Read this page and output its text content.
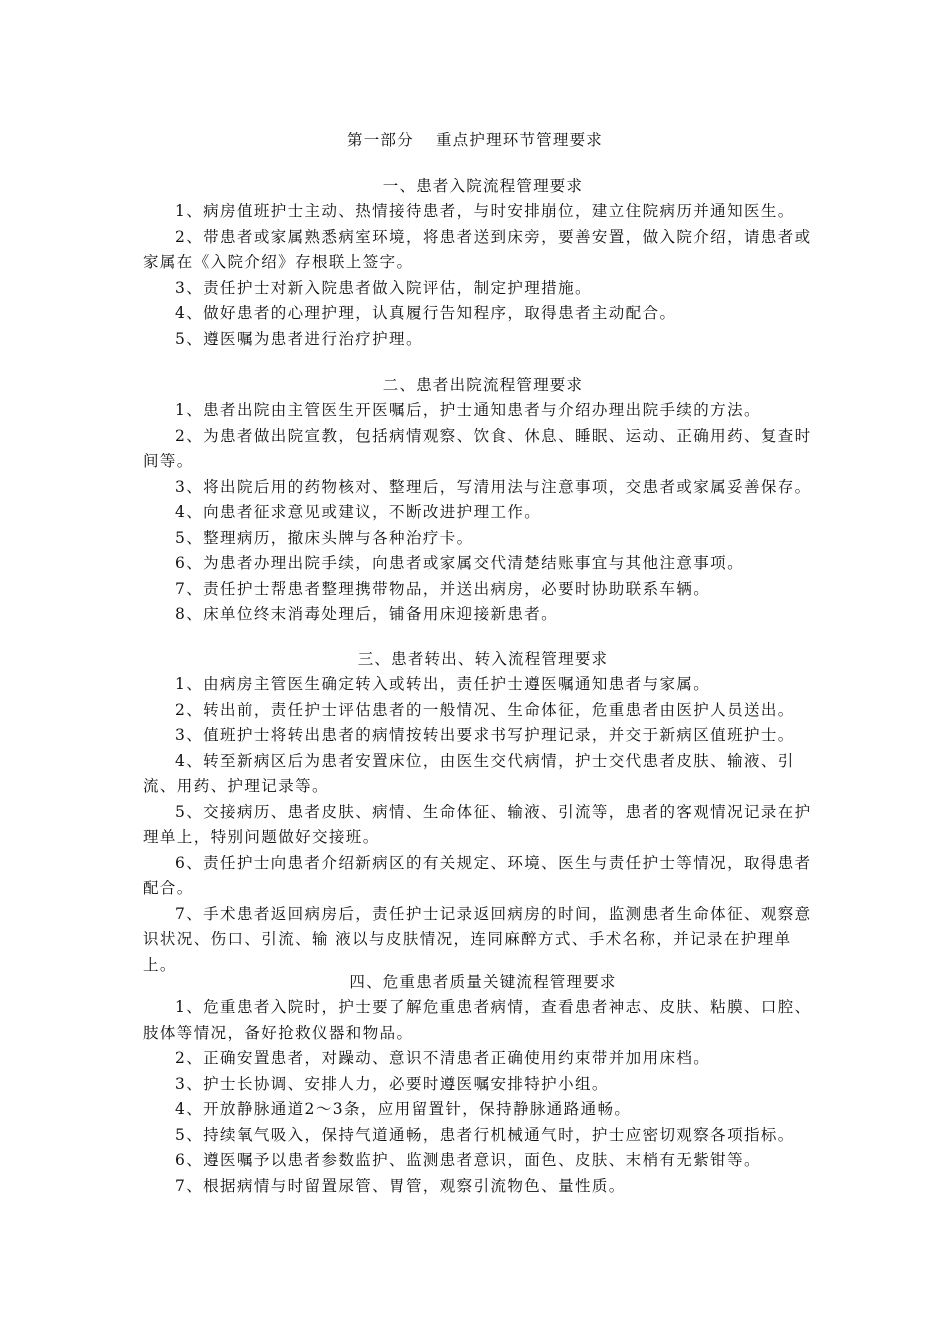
第一部分 重点护理环节管理要求
一、患者入院流程管理要求

1、病房值班护士主动、热情接待患者，与时安排崩位，建立住院病历并通知医生。

2、带患者或家属熟悉病室环境，将患者送到床旁，要善安置，做入院介绍，请患者或家属在《入院介绍》存根联上签字。

3、责任护士对新入院患者做入院评估，制定护理措施。

4、做好患者的心理护理，认真履行告知程序，取得患者主动配合。

5、遵医嘱为患者进行治疗护理。

二、患者出院流程管理要求

1、患者出院由主管医生开医嘱后，护士通知患者与介绍办理出院手续的方法。

2、为患者做出院宣教，包括病情观察、饮食、休息、睡眠、运动、正确用药、复查时间等。

3、将出院后用的药物核对、整理后，写清用法与注意事项，交患者或家属妥善保存。

4、向患者征求意见或建议，不断改进护理工作。

5、整理病历，撤床头牌与各种治疗卡。

6、为患者办理出院手续，向患者或家属交代清楚结账事宜与其他注意事项。

7、责任护士帮患者整理携带物品，并送出病房，必要时协助联系车辆。

8、床单位终末消毒处理后，铺备用床迎接新患者。

三、患者转出、转入流程管理要求

1、由病房主管医生确定转入或转出，责任护士遵医嘱通知患者与家属。

2、转出前，责任护士评估患者的一般情况、生命体征，危重患者由医护人员送出。

3、值班护士将转出患者的病情按转出要求书写护理记录，并交于新病区值班护士。

4、转至新病区后为患者安置床位，由医生交代病情，护士交代患者皮肤、输液、引流、用药、护理记录等。

5、交接病历、患者皮肤、病情、生命体征、输液、引流等，患者的客观情况记录在护理单上，特别问题做好交接班。

6、责任护士向患者介绍新病区的有关规定、环境、医生与责任护士等情况，取得患者配合。

7、手术患者返回病房后，责任护士记录返回病房的时间，监测患者生命体征、观察意识状况、伤口、引流、输 液以与皮肤情况，连同麻醉方式、手术名称，并记录在护理单上。

四、危重患者质量关键流程管理要求

1、危重患者入院时，护士要了解危重患者病情，查看患者神志、皮肤、粘膜、口腔、肢体等情况，备好抢救仪器和物品。

2、正确安置患者，对躁动、意识不清患者正确使用约束带并加用床档。

3、护士长协调、安排人力，必要时遵医嘱安排特护小组。

4、开放静脉通道2～3条，应用留置针，保持静脉通路通畅。

5、持续氧气吸入，保持气道通畅，患者行机械通气时，护士应密切观察各项指标。

6、遵医嘱予以患者参数监护、监测患者意识，面色、皮肤、末梢有无紫钳等。

7、根据病情与时留置尿管、胃管，观察引流物色、量性质。
